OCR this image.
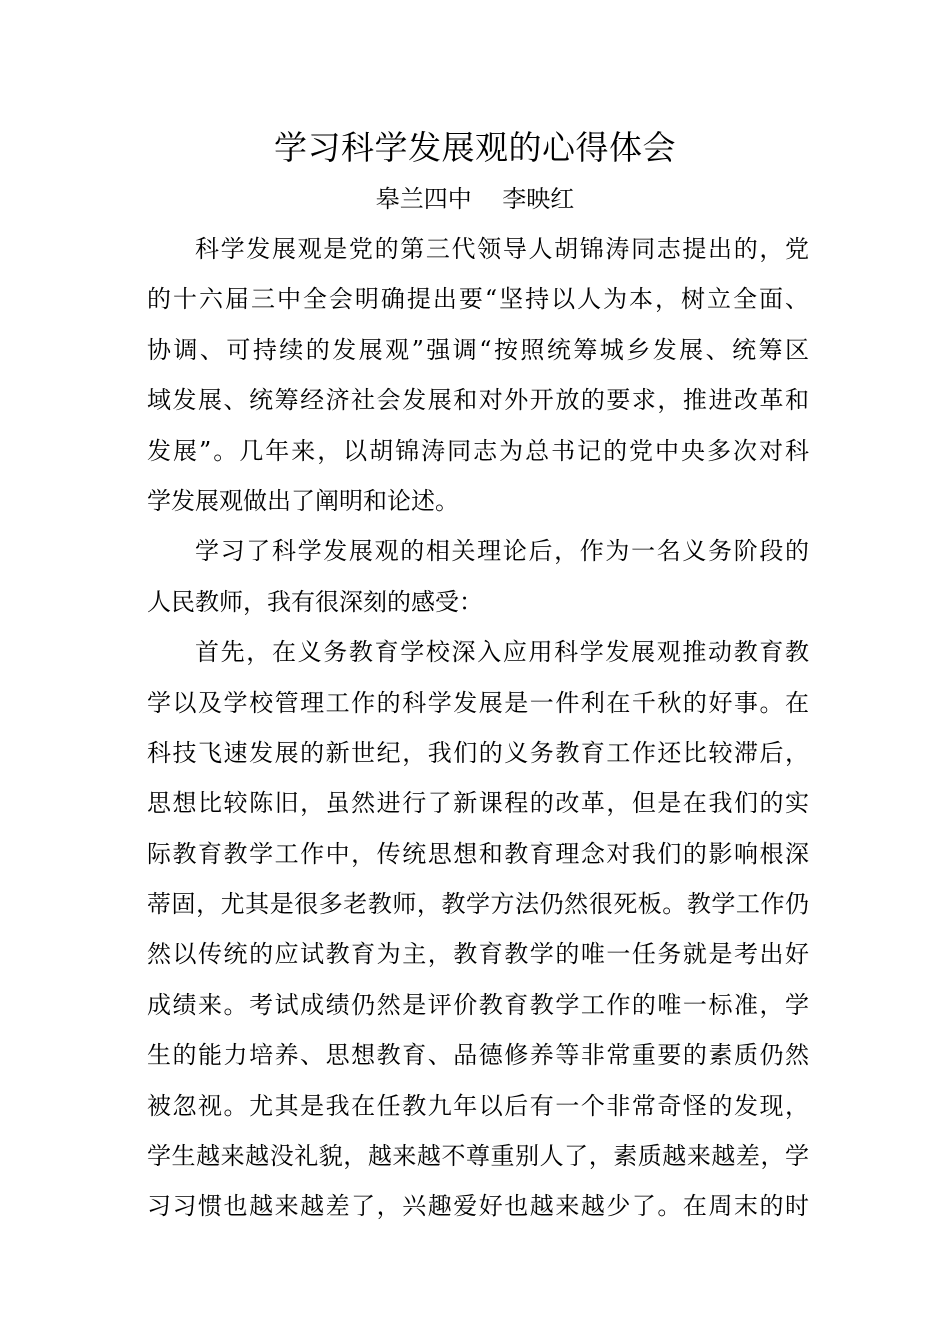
学习科学发展观的心得体会
皋兰四中    李映红
科学发展观是党的第三代领导人胡锦涛同志提出的，党
的十六届三中全会明确提出要“坚持以人为本，树立全面、
协调、可持续的发展观”强调“按照统筹城乡发展、统筹区
域发展、统筹经济社会发展和对外开放的要求，推进改革和
发展”。几年来，以胡锦涛同志为总书记的党中央多次对科
学发展观做出了阐明和论述。
学习了科学发展观的相关理论后，作为一名义务阶段的
人民教师，我有很深刻的感受：
首先，在义务教育学校深入应用科学发展观推动教育教
学以及学校管理工作的科学发展是一件利在千秋的好事。在
科技飞速发展的新世纪，我们的义务教育工作还比较滞后，
思想比较陈旧，虽然进行了新课程的改革，但是在我们的实
际教育教学工作中，传统思想和教育理念对我们的影响根深
蒂固，尤其是很多老教师，教学方法仍然很死板。教学工作仍
然以传统的应试教育为主，教育教学的唯一任务就是考出好
成绩来。考试成绩仍然是评价教育教学工作的唯一标准，学
生的能力培养、思想教育、品德修养等非常重要的素质仍然
被忽视。尤其是我在任教九年以后有一个非常奇怪的发现，
学生越来越没礼貌，越来越不尊重别人了，素质越来越差，学
习习惯也越来越差了，兴趣爱好也越来越少了。在周末的时
